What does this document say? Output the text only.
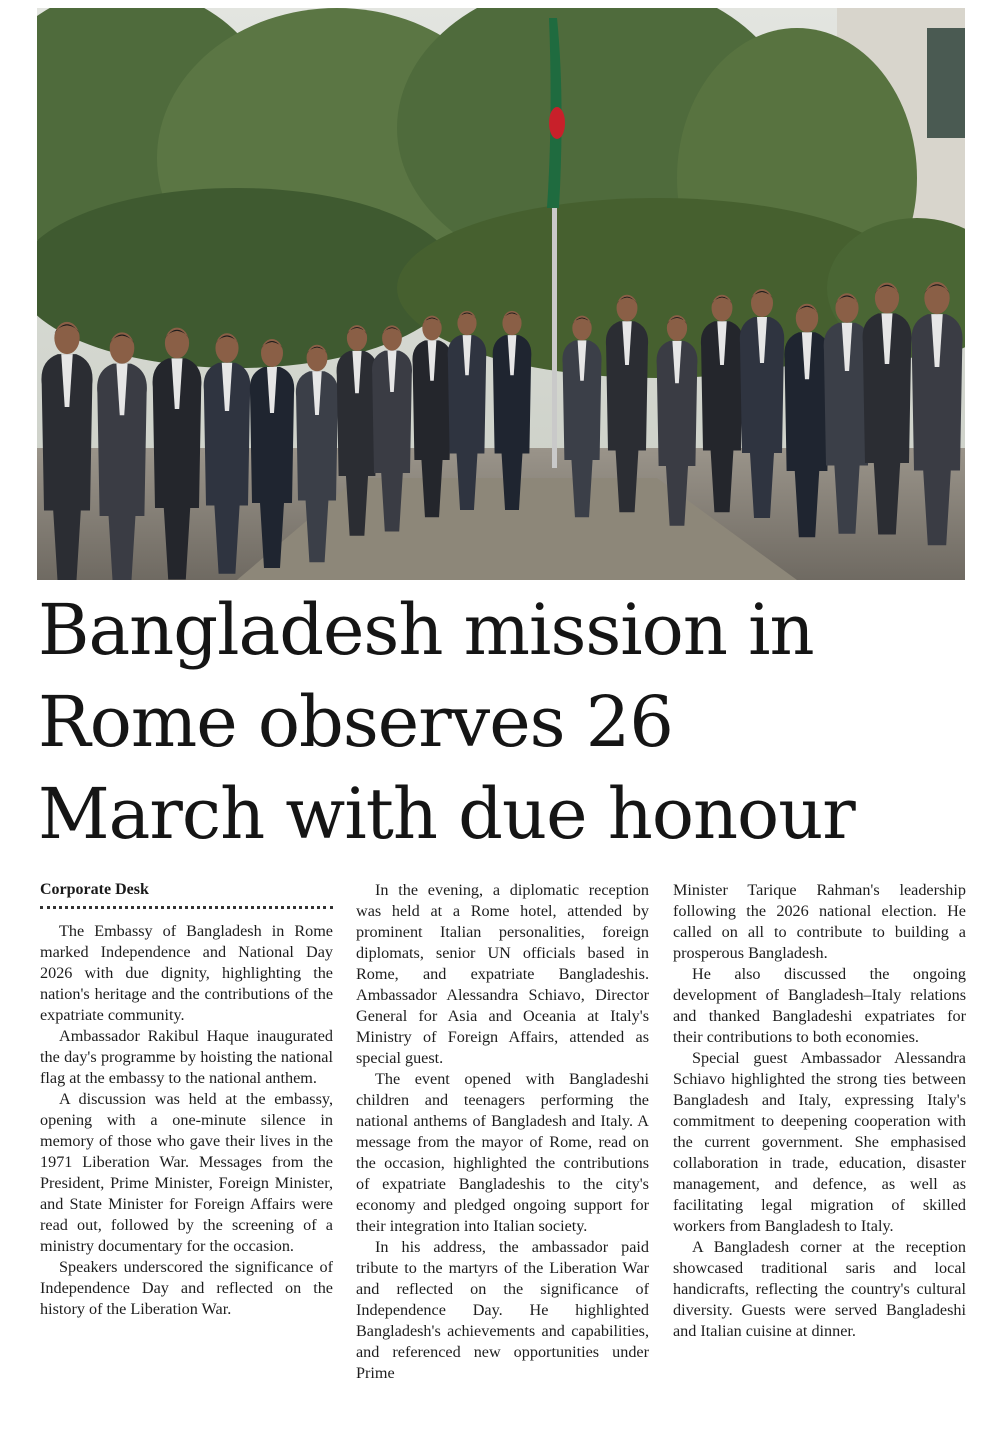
Bangladesh mission in
Rome observes 26
March with due honour
Corporate Desk

The Embassy of Bangladesh in Rome marked Independence and National Day 2026 with due dignity, highlighting the nation's heritage and the contributions of the expatriate community.

Ambassador Rakibul Haque inaugurated the day's programme by hoisting the national flag at the embassy to the national anthem.

A discussion was held at the embassy, opening with a one-minute silence in memory of those who gave their lives in the 1971 Liberation War. Messages from the President, Prime Minister, Foreign Minister, and State Minister for Foreign Affairs were read out, followed by the screening of a ministry documentary for the occasion.

Speakers underscored the significance of Independence Day and reflected on the history of the Liberation War.

In the evening, a diplomatic reception was held at a Rome hotel, attended by prominent Italian personalities, foreign diplomats, senior UN officials based in Rome, and expatriate Bangladeshis. Ambassador Alessandra Schiavo, Director General for Asia and Oceania at Italy's Ministry of Foreign Affairs, attended as special guest.

The event opened with Bangladeshi children and teenagers performing the national anthems of Bangladesh and Italy. A message from the mayor of Rome, read on the occasion, highlighted the contributions of expatriate Bangladeshis to the city's economy and pledged ongoing support for their integration into Italian society.

In his address, the ambassador paid tribute to the martyrs of the Liberation War and reflected on the significance of Independence Day. He highlighted Bangladesh's achievements and capabilities, and referenced new opportunities under Prime

Minister Tarique Rahman's leadership following the 2026 national election. He called on all to contribute to building a prosperous Bangladesh.

He also discussed the ongoing development of Bangladesh–Italy relations and thanked Bangladeshi expatriates for their contributions to both economies.

Special guest Ambassador Alessandra Schiavo highlighted the strong ties between Bangladesh and Italy, expressing Italy's commitment to deepening cooperation with the current government. She emphasised collaboration in trade, education, disaster management, and defence, as well as facilitating legal migration of skilled workers from Bangladesh to Italy.

A Bangladesh corner at the reception showcased traditional saris and local handicrafts, reflecting the country's cultural diversity. Guests were served Bangladeshi and Italian cuisine at dinner.
